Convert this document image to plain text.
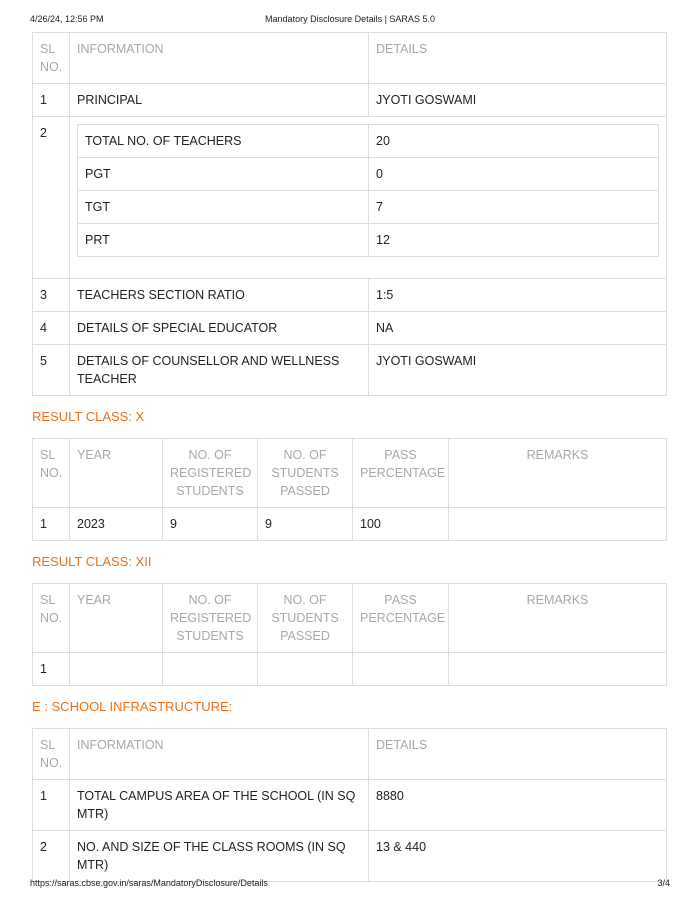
4/26/24, 12:56 PM	Mandatory Disclosure Details | SARAS 5.0
SL NO.	INFORMATION	DETAILS
1	PRINCIPAL	JYOTI GOSWAMI
2	
TOTAL NO. OF TEACHERS	20
PGT	0
TGT	7
PRT	12

3	TEACHERS SECTION RATIO	1:5
4	DETAILS OF SPECIAL EDUCATOR	NA
5	DETAILS OF COUNSELLOR AND WELLNESS TEACHER	JYOTI GOSWAMI
RESULT CLASS: X
SL NO.	YEAR	NO. OF REGISTERED STUDENTS	NO. OF STUDENTS PASSED	PASS PERCENTAGE	REMARKS
1	2023	9	9	100	
RESULT CLASS: XII
SL NO.	YEAR	NO. OF REGISTERED STUDENTS	NO. OF STUDENTS PASSED	PASS PERCENTAGE	REMARKS
1					
E : SCHOOL INFRASTRUCTURE:
SL NO.	INFORMATION	DETAILS
1	TOTAL CAMPUS AREA OF THE SCHOOL (IN SQ MTR)	8880
2	NO. AND SIZE OF THE CLASS ROOMS (IN SQ MTR)	13 & 440
https://saras.cbse.gov.in/saras/MandatoryDisclosure/Details	3/4
